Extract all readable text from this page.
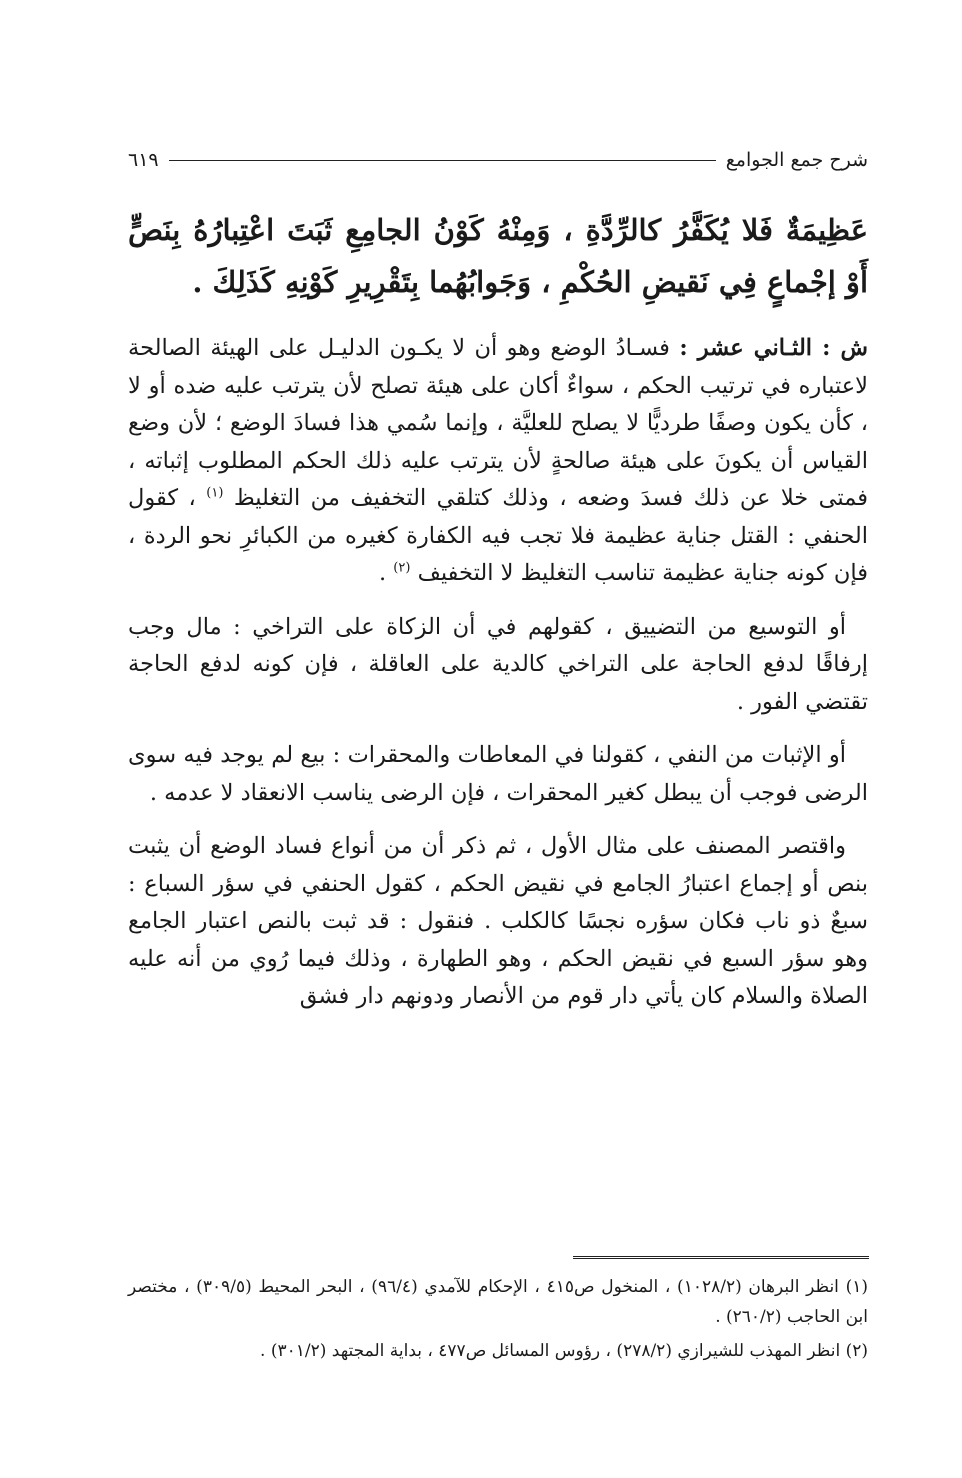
شرح جمع الجوامع
٦١٩
عَظِيمَةٌ فَلا يُكَفَّرُ كالرِّدَّةِ ، وَمِنْهُ كَوْنُ الجامِعِ ثَبَتَ اعْتِبارُهُ بِنَصٍّ أَوْ إجْماعٍ فِي نَقيضِ الحُكْمِ ، وَجَوابُهُما بِتَقْرِيرِ كَوْنِهِ كَذَلِكَ .
ش : الثـاني عشر : فسـادُ الوضع وهو أن لا يكـون الدليـل على الهيئة الصالحة لاعتباره في ترتيب الحكم ، سواءٌ أكان على هيئة تصلح لأن يترتب عليه ضده أو لا ، كأن يكون وصفًا طرديًّا لا يصلح للعليَّة ، وإنما سُمي هذا فسادَ الوضع ؛ لأن وضع القياس أن يكونَ على هيئة صالحةٍ لأن يترتب عليه ذلك الحكم المطلوب إثباته ، فمتى خلا عن ذلك فسدَ وضعه ، وذلك كتلقي التخفيف من التغليظ $^{(١)}$ ، كقول الحنفي : القتل جناية عظيمة فلا تجب فيه الكفارة كغيره من الكبائرِ نحو الردة ، فإن كونه جناية عظيمة تناسب التغليظ لا التخفيف $^{(٢)}$ .
أو التوسيع من التضييق ، كقولهم في أن الزكاة على التراخي : مال وجب إرفاقًا لدفع الحاجة على التراخي كالدية على العاقلة ، فإن كونه لدفع الحاجة تقتضي الفور .
أو الإثبات من النفي ، كقولنا في المعاطات والمحقرات : بيع لم يوجد فيه سوى الرضى فوجب أن يبطل كغير المحقرات ، فإن الرضى يناسب الانعقاد لا عدمه .
واقتصر المصنف على مثال الأول ، ثم ذكر أن من أنواع فساد الوضع أن يثبت بنص أو إجماع اعتبارُ الجامع في نقيض الحكم ، كقول الحنفي في سؤر السباع : سبعٌ ذو ناب فكان سؤره نجسًا كالكلب . فنقول : قد ثبت بالنص اعتبار الجامع وهو سؤر السبع في نقيض الحكم ، وهو الطهارة ، وذلك فيما رُوي من أنه عليه الصلاة والسلام كان يأتي دار قوم من الأنصار ودونهم دار فشق
(١) انظر البرهان (١٠٢٨/٢) ، المنخول ص٤١٥ ، الإحكام للآمدي (٩٦/٤) ، البحر المحيط (٣٠٩/٥) ، مختصر ابن الحاجب (٢٦٠/٢) .
(٢) انظر المهذب للشيرازي (٢٧٨/٢) ، رؤوس المسائل ص٤٧٧ ، بداية المجتهد (٣٠١/٢) .
